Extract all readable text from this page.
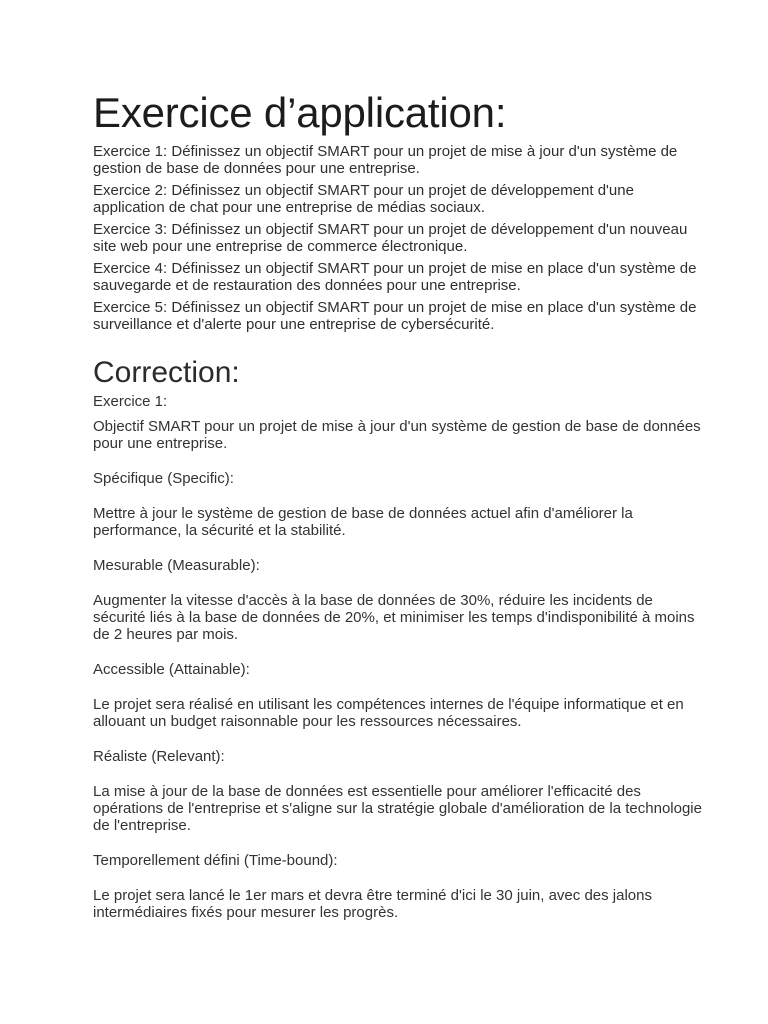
Exercice d’application:

Exercice 1: Définissez un objectif SMART pour un projet de mise à jour d'un système de gestion de base de données pour une entreprise.

Exercice 2: Définissez un objectif SMART pour un projet de développement d'une application de chat pour une entreprise de médias sociaux.

Exercice 3: Définissez un objectif SMART pour un projet de développement d'un nouveau site web pour une entreprise de commerce électronique.

Exercice 4: Définissez un objectif SMART pour un projet de mise en place d'un système de sauvegarde et de restauration des données pour une entreprise.

Exercice 5: Définissez un objectif SMART pour un projet de mise en place d'un système de surveillance et d'alerte pour une entreprise de cybersécurité.

Correction:

Exercice 1:

Objectif SMART pour un projet de mise à jour d'un système de gestion de base de données pour une entreprise.

Spécifique (Specific):

Mettre à jour le système de gestion de base de données actuel afin d'améliorer la performance, la sécurité et la stabilité.

Mesurable (Measurable):

Augmenter la vitesse d'accès à la base de données de 30%, réduire les incidents de sécurité liés à la base de données de 20%, et minimiser les temps d'indisponibilité à moins de 2 heures par mois.

Accessible (Attainable):

Le projet sera réalisé en utilisant les compétences internes de l'équipe informatique et en allouant un budget raisonnable pour les ressources nécessaires.

Réaliste (Relevant):

La mise à jour de la base de données est essentielle pour améliorer l'efficacité des opérations de l'entreprise et s'aligne sur la stratégie globale d'amélioration de la technologie de l'entreprise.

Temporellement défini (Time-bound):

Le projet sera lancé le 1er mars et devra être terminé d'ici le 30 juin, avec des jalons intermédiaires fixés pour mesurer les progrès.
